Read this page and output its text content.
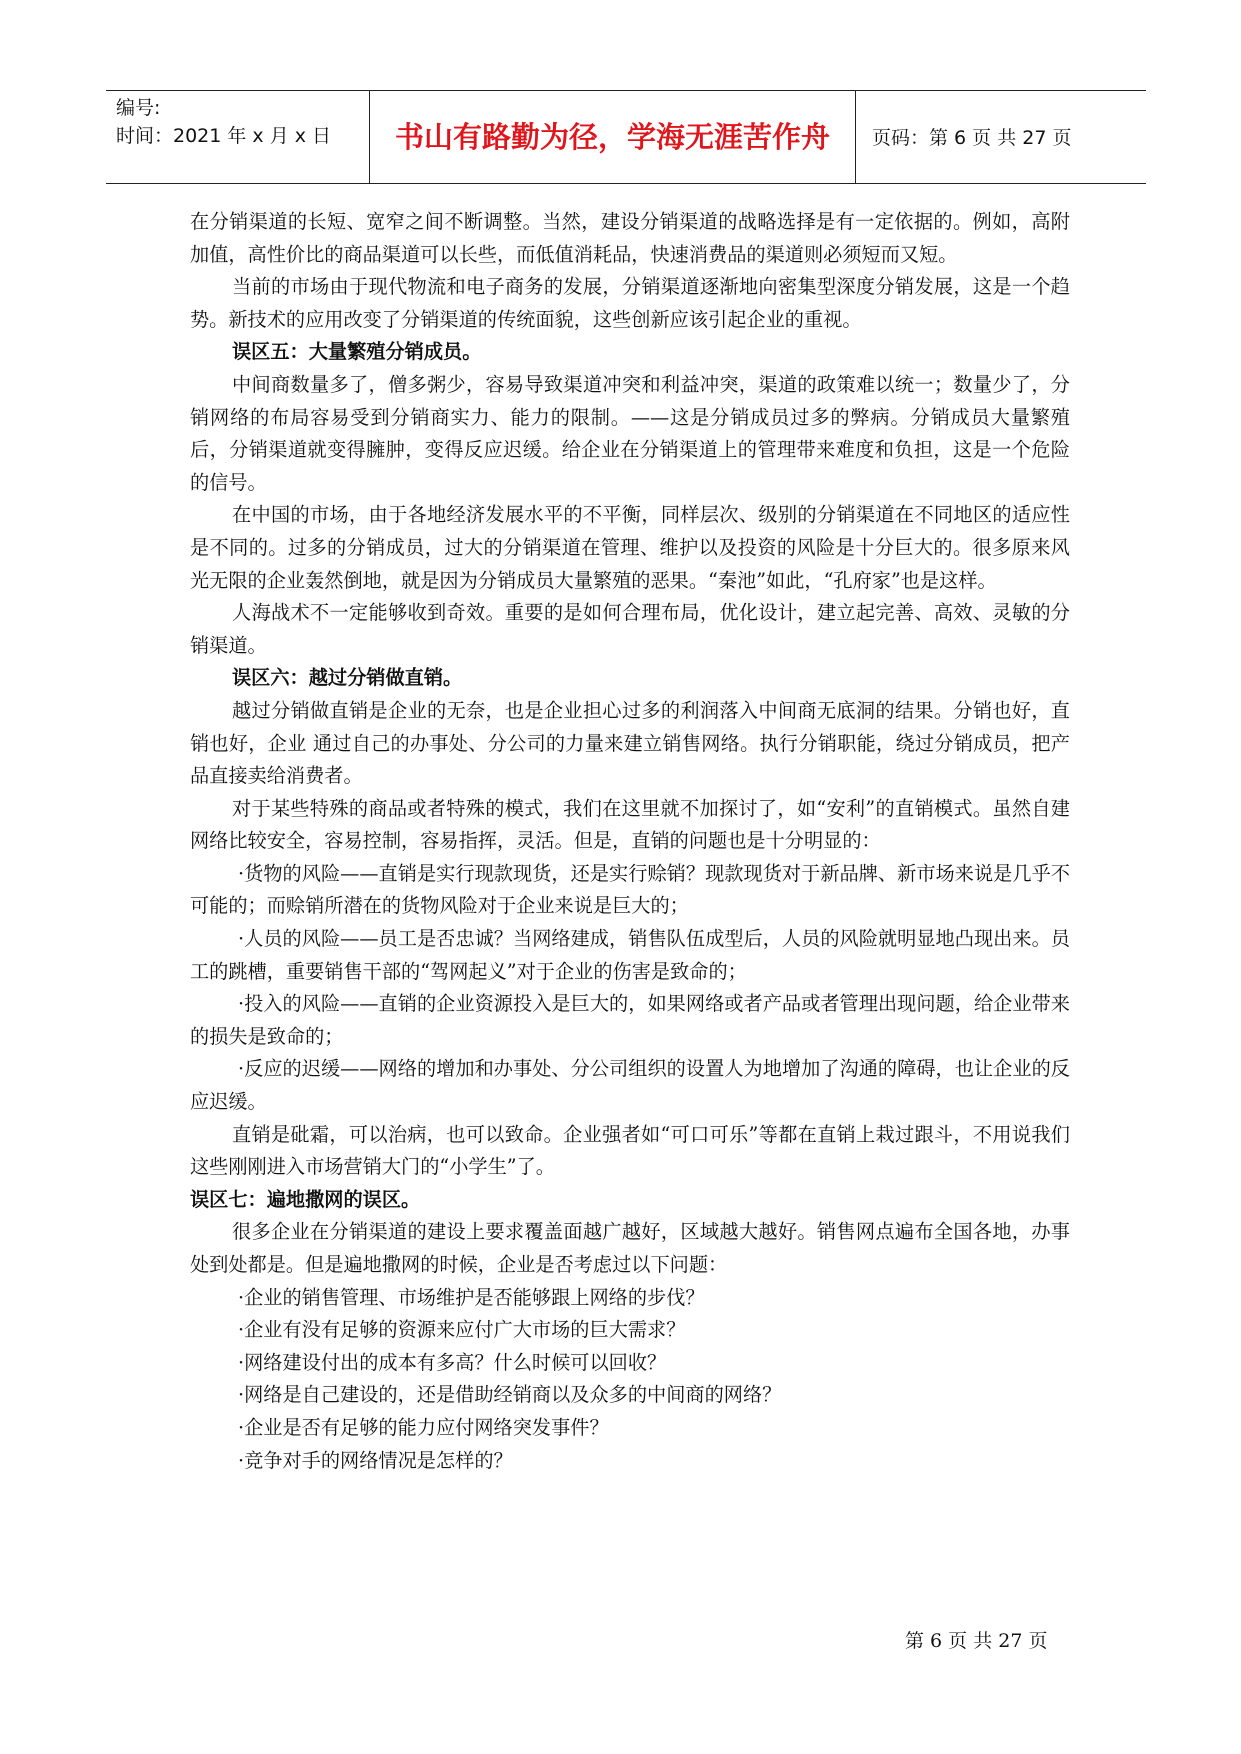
编号:
时间：2021 年 x 月 x 日	书山有路勤为径，学海无涯苦作舟	页码：第 6 页 共 27 页

在分销渠道的长短、宽窄之间不断调整。当然，建设分销渠道的战略选择是有一定依据的。例如，高附加值，高性价比的商品渠道可以长些，而低值消耗品，快速消费品的渠道则必须短而又短。

当前的市场由于现代物流和电子商务的发展，分销渠道逐渐地向密集型深度分销发展，这是一个趋势。新技术的应用改变了分销渠道的传统面貌，这些创新应该引起企业的重视。

误区五：大量繁殖分销成员。

中间商数量多了，僧多粥少，容易导致渠道冲突和利益冲突，渠道的政策难以统一；数量少了，分销网络的布局容易受到分销商实力、能力的限制。——这是分销成员过多的弊病。分销成员大量繁殖后，分销渠道就变得臃肿，变得反应迟缓。给企业在分销渠道上的管理带来难度和负担，这是一个危险的信号。

在中国的市场，由于各地经济发展水平的不平衡，同样层次、级别的分销渠道在不同地区的适应性是不同的。过多的分销成员，过大的分销渠道在管理、维护以及投资的风险是十分巨大的。很多原来风光无限的企业轰然倒地，就是因为分销成员大量繁殖的恶果。“秦池”如此，“孔府家”也是这样。

人海战术不一定能够收到奇效。重要的是如何合理布局，优化设计，建立起完善、高效、灵敏的分销渠道。

误区六：越过分销做直销。

越过分销做直销是企业的无奈，也是企业担心过多的利润落入中间商无底洞的结果。分销也好，直销也好，企业 通过自己的办事处、分公司的力量来建立销售网络。执行分销职能，绕过分销成员，把产品直接卖给消费者。

对于某些特殊的商品或者特殊的模式，我们在这里就不加探讨了，如“安利”的直销模式。虽然自建网络比较安全，容易控制，容易指挥，灵活。但是，直销的问题也是十分明显的：

·货物的风险——直销是实行现款现货，还是实行赊销？现款现货对于新品牌、新市场来说是几乎不可能的；而赊销所潜在的货物风险对于企业来说是巨大的；

·人员的风险——员工是否忠诚？当网络建成，销售队伍成型后，人员的风险就明显地凸现出来。员工的跳槽，重要销售干部的“驾网起义”对于企业的伤害是致命的；

·投入的风险——直销的企业资源投入是巨大的，如果网络或者产品或者管理出现问题，给企业带来的损失是致命的；

·反应的迟缓——网络的增加和办事处、分公司组织的设置人为地增加了沟通的障碍，也让企业的反应迟缓。

直销是砒霜，可以治病，也可以致命。企业强者如“可口可乐”等都在直销上栽过跟斗，不用说我们这些刚刚进入市场营销大门的“小学生”了。

误区七：遍地撒网的误区。

很多企业在分销渠道的建设上要求覆盖面越广越好，区域越大越好。销售网点遍布全国各地，办事处到处都是。但是遍地撒网的时候，企业是否考虑过以下问题：

·企业的销售管理、市场维护是否能够跟上网络的步伐？

·企业有没有足够的资源来应付广大市场的巨大需求？

·网络建设付出的成本有多高？什么时候可以回收？

·网络是自己建设的，还是借助经销商以及众多的中间商的网络？

·企业是否有足够的能力应付网络突发事件？

·竞争对手的网络情况是怎样的？

第 6 页 共 27 页
